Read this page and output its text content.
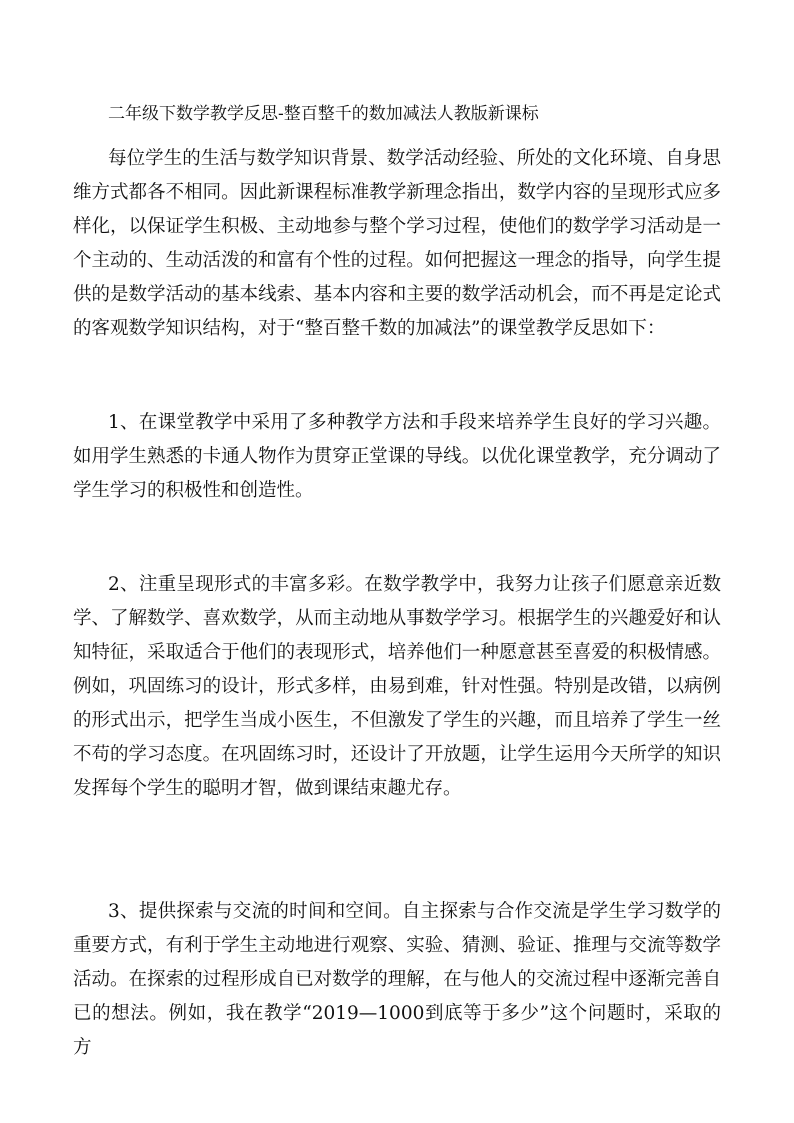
二年级下数学教学反思-整百整千的数加减法人教版新课标

每位学生的生活与数学知识背景、数学活动经验、所处的文化环境、自身思维方式都各不相同。因此新课程标准教学新理念指出，数学内容的呈现形式应多样化，以保证学生积极、主动地参与整个学习过程，使他们的数学学习活动是一个主动的、生动活泼的和富有个性的过程。如何把握这一理念的指导，向学生提供的是数学活动的基本线索、基本内容和主要的数学活动机会，而不再是定论式的客观数学知识结构，对于“整百整千数的加减法”的课堂教学反思如下：

1、在课堂教学中采用了多种教学方法和手段来培养学生良好的学习兴趣。如用学生熟悉的卡通人物作为贯穿正堂课的导线。以优化课堂教学，充分调动了学生学习的积极性和创造性。

2、注重呈现形式的丰富多彩。在数学教学中，我努力让孩子们愿意亲近数学、了解数学、喜欢数学，从而主动地从事数学学习。根据学生的兴趣爱好和认知特征，采取适合于他们的表现形式，培养他们一种愿意甚至喜爱的积极情感。例如，巩固练习的设计，形式多样，由易到难，针对性强。特别是改错，以病例的形式出示，把学生当成小医生，不但激发了学生的兴趣，而且培养了学生一丝不苟的学习态度。在巩固练习时，还设计了开放题，让学生运用今天所学的知识发挥每个学生的聪明才智，做到课结束趣尤存。

3、提供探索与交流的时间和空间。自主探索与合作交流是学生学习数学的重要方式，有利于学生主动地进行观察、实验、猜测、验证、推理与交流等数学活动。在探索的过程形成自已对数学的理解，在与他人的交流过程中逐渐完善自已的想法。例如，我在教学“2019—1000到底等于多少”这个问题时，采取的方
